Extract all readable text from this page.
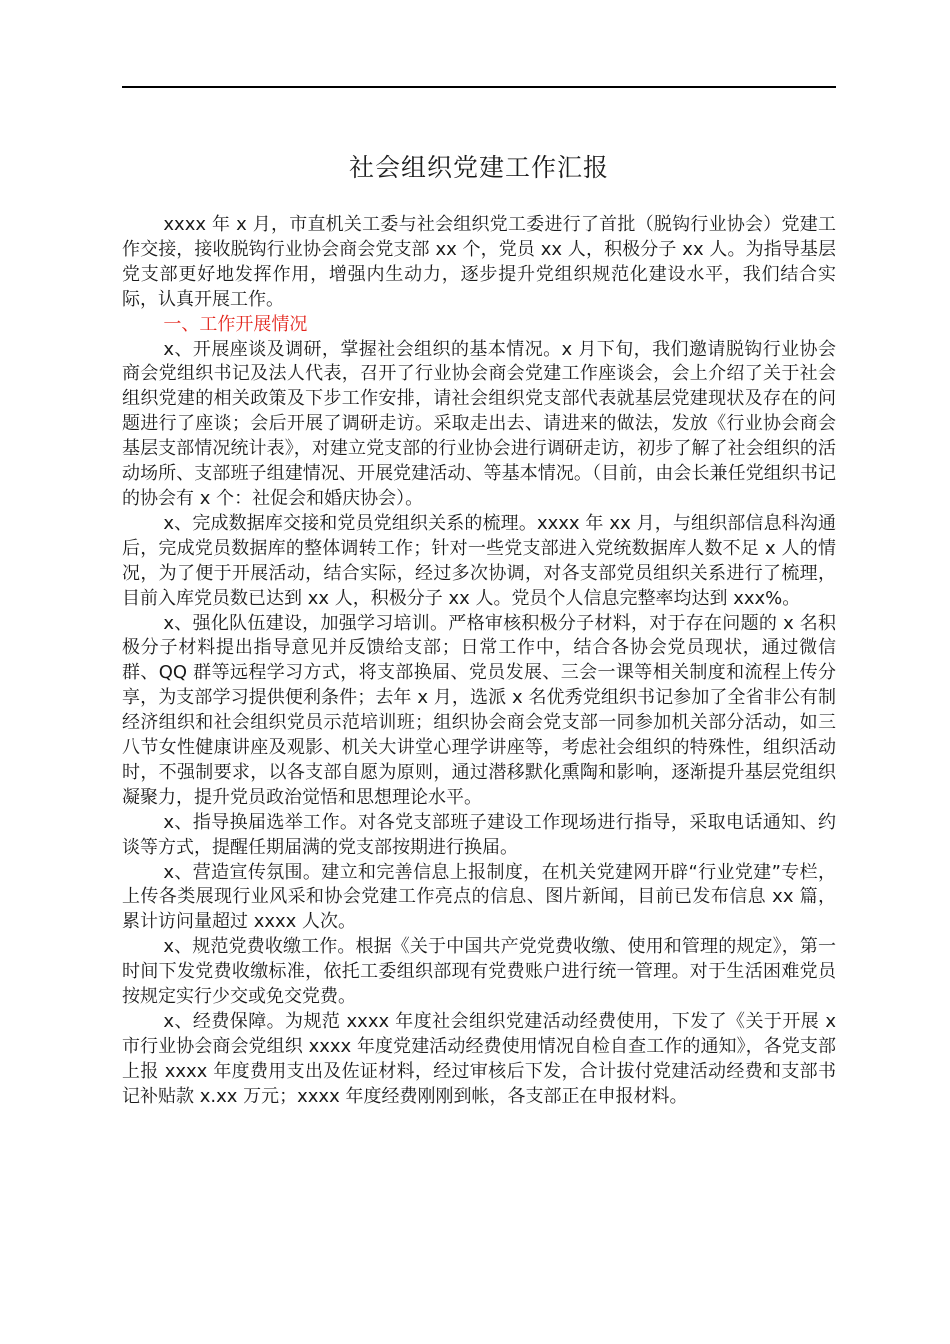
社会组织党建工作汇报

xxxx 年 x 月，市直机关工委与社会组织党工委进行了首批（脱钩行业协会）党建工作交接，接收脱钩行业协会商会党支部 xx 个，党员 xx 人，积极分子 xx 人。为指导基层党支部更好地发挥作用，增强内生动力，逐步提升党组织规范化建设水平，我们结合实际，认真开展工作。

一、工作开展情况

x、开展座谈及调研，掌握社会组织的基本情况。x 月下旬，我们邀请脱钩行业协会商会党组织书记及法人代表，召开了行业协会商会党建工作座谈会，会上介绍了关于社会组织党建的相关政策及下步工作安排，请社会组织党支部代表就基层党建现状及存在的问题进行了座谈；会后开展了调研走访。采取走出去、请进来的做法，发放《行业协会商会基层支部情况统计表》，对建立党支部的行业协会进行调研走访，初步了解了社会组织的活动场所、支部班子组建情况、开展党建活动、等基本情况。（目前，由会长兼任党组织书记的协会有 x 个：社促会和婚庆协会）。

x、完成数据库交接和党员党组织关系的梳理。xxxx 年 xx 月，与组织部信息科沟通后，完成党员数据库的整体调转工作；针对一些党支部进入党统数据库人数不足 x 人的情况，为了便于开展活动，结合实际，经过多次协调，对各支部党员组织关系进行了梳理，目前入库党员数已达到 xx 人，积极分子 xx 人。党员个人信息完整率均达到 xxx%。

x、强化队伍建设，加强学习培训。严格审核积极分子材料，对于存在问题的 x 名积极分子材料提出指导意见并反馈给支部；日常工作中，结合各协会党员现状，通过微信群、QQ 群等远程学习方式，将支部换届、党员发展、三会一课等相关制度和流程上传分享，为支部学习提供便利条件；去年 x 月，选派 x 名优秀党组织书记参加了全省非公有制经济组织和社会组织党员示范培训班；组织协会商会党支部一同参加机关部分活动，如三八节女性健康讲座及观影、机关大讲堂心理学讲座等，考虑社会组织的特殊性，组织活动时，不强制要求，以各支部自愿为原则，通过潜移默化熏陶和影响，逐渐提升基层党组织凝聚力，提升党员政治觉悟和思想理论水平。

x、指导换届选举工作。对各党支部班子建设工作现场进行指导，采取电话通知、约谈等方式，提醒任期届满的党支部按期进行换届。

x、营造宣传氛围。建立和完善信息上报制度，在机关党建网开辟“行业党建”专栏，上传各类展现行业风采和协会党建工作亮点的信息、图片新闻，目前已发布信息 xx 篇，累计访问量超过 xxxx 人次。

x、规范党费收缴工作。根据《关于中国共产党党费收缴、使用和管理的规定》，第一时间下发党费收缴标准，依托工委组织部现有党费账户进行统一管理。对于生活困难党员按规定实行少交或免交党费。

x、经费保障。为规范 xxxx 年度社会组织党建活动经费使用，下发了《关于开展 x 市行业协会商会党组织 xxxx 年度党建活动经费使用情况自检自查工作的通知》，各党支部上报 xxxx 年度费用支出及佐证材料，经过审核后下发，合计拔付党建活动经费和支部书记补贴款 x.xx 万元；xxxx 年度经费刚刚到帐，各支部正在申报材料。
